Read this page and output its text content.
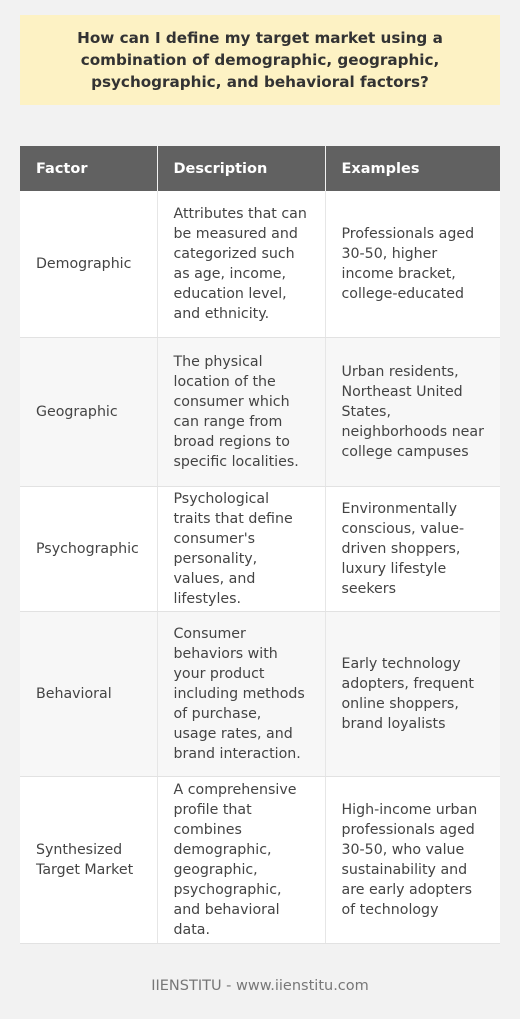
How can I define my target market using a combination of demographic, geographic, psychographic, and behavioral factors?
Factor	Description	Examples
Demographic	Attributes that can be measured and categorized such as age, income, education level, and ethnicity.	Professionals aged 30-50, higher income bracket, college-educated
Geographic	The physical location of the consumer which can range from broad regions to specific localities.	Urban residents, Northeast United States, neighborhoods near college campuses
Psychographic	Psychological traits that define consumer's personality, values, and lifestyles.	Environmentally conscious, value-driven shoppers, luxury lifestyle seekers
Behavioral	Consumer behaviors with your product including methods of purchase, usage rates, and brand interaction.	Early technology adopters, frequent online shoppers, brand loyalists
Synthesized Target Market	A comprehensive profile that combines demographic, geographic, psychographic, and behavioral data.	High-income urban professionals aged 30-50, who value sustainability and are early adopters of technology
IIENSTITU - www.iienstitu.com
